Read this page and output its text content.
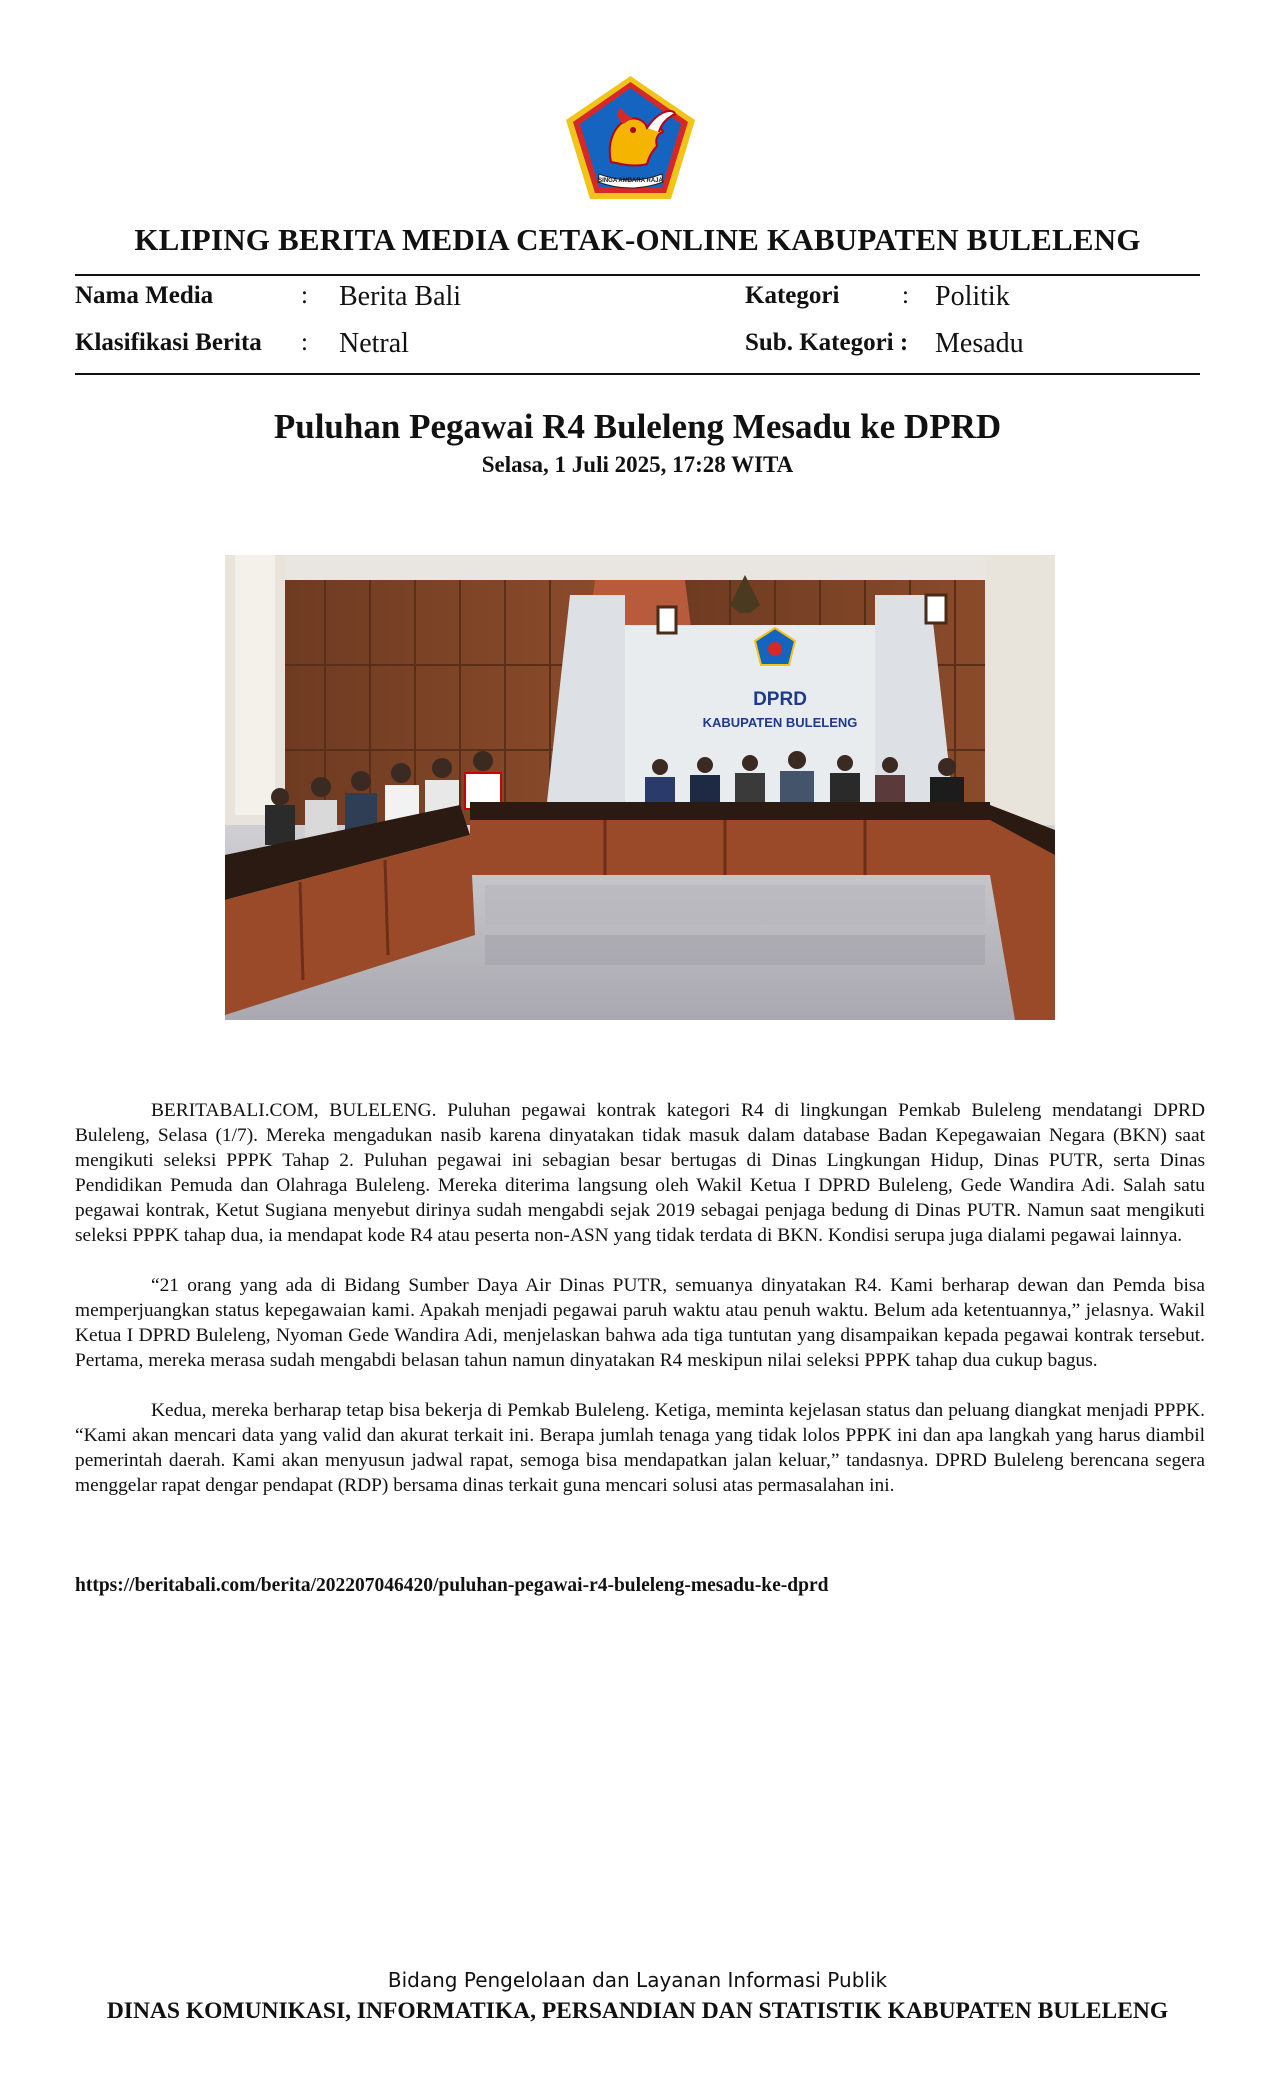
SINGA AMBARA RAJA
KLIPING BERITA MEDIA CETAK-ONLINE KABUPATEN BULELENG
Nama Media	: Berita Bali
Klasifikasi Berita : Netral
Kategori	: Politik
Sub. Kategori : Mesadu
Puluhan Pegawai R4 Buleleng Mesadu ke DPRD
Selasa, 1 Juli 2025, 17:28 WITA
DPRD
KABUPATEN BULELENG

BERITABALI.COM, BULELENG. Puluhan pegawai kontrak kategori R4 di lingkungan Pemkab Buleleng mendatangi DPRD Buleleng, Selasa (1/7). Mereka mengadukan nasib karena dinyatakan tidak masuk dalam database Badan Kepegawaian Negara (BKN) saat mengikuti seleksi PPPK Tahap 2. Puluhan pegawai ini sebagian besar bertugas di Dinas Lingkungan Hidup, Dinas PUTR, serta Dinas Pendidikan Pemuda dan Olahraga Buleleng. Mereka diterima langsung oleh Wakil Ketua I DPRD Buleleng, Gede Wandira Adi. Salah satu pegawai kontrak, Ketut Sugiana menyebut dirinya sudah mengabdi sejak 2019 sebagai penjaga bedung di Dinas PUTR. Namun saat mengikuti seleksi PPPK tahap dua, ia mendapat kode R4 atau peserta non-ASN yang tidak terdata di BKN. Kondisi serupa juga dialami pegawai lainnya.

“21 orang yang ada di Bidang Sumber Daya Air Dinas PUTR, semuanya dinyatakan R4. Kami berharap dewan dan Pemda bisa memperjuangkan status kepegawaian kami. Apakah menjadi pegawai paruh waktu atau penuh waktu. Belum ada ketentuannya,” jelasnya. Wakil Ketua I DPRD Buleleng, Nyoman Gede Wandira Adi, menjelaskan bahwa ada tiga tuntutan yang disampaikan kepada pegawai kontrak tersebut. Pertama, mereka merasa sudah mengabdi belasan tahun namun dinyatakan R4 meskipun nilai seleksi PPPK tahap dua cukup bagus.

Kedua, mereka berharap tetap bisa bekerja di Pemkab Buleleng. Ketiga, meminta kejelasan status dan peluang diangkat menjadi PPPK. “Kami akan mencari data yang valid dan akurat terkait ini. Berapa jumlah tenaga yang tidak lolos PPPK ini dan apa langkah yang harus diambil pemerintah daerah. Kami akan menyusun jadwal rapat, semoga bisa mendapatkan jalan keluar,” tandasnya. DPRD Buleleng berencana segera menggelar rapat dengar pendapat (RDP) bersama dinas terkait guna mencari solusi atas permasalahan ini.

https://beritabali.com/berita/202207046420/puluhan-pegawai-r4-buleleng-mesadu-ke-dprd
Bidang Pengelolaan dan Layanan Informasi Publik
DINAS KOMUNIKASI, INFORMATIKA, PERSANDIAN DAN STATISTIK KABUPATEN BULELENG
